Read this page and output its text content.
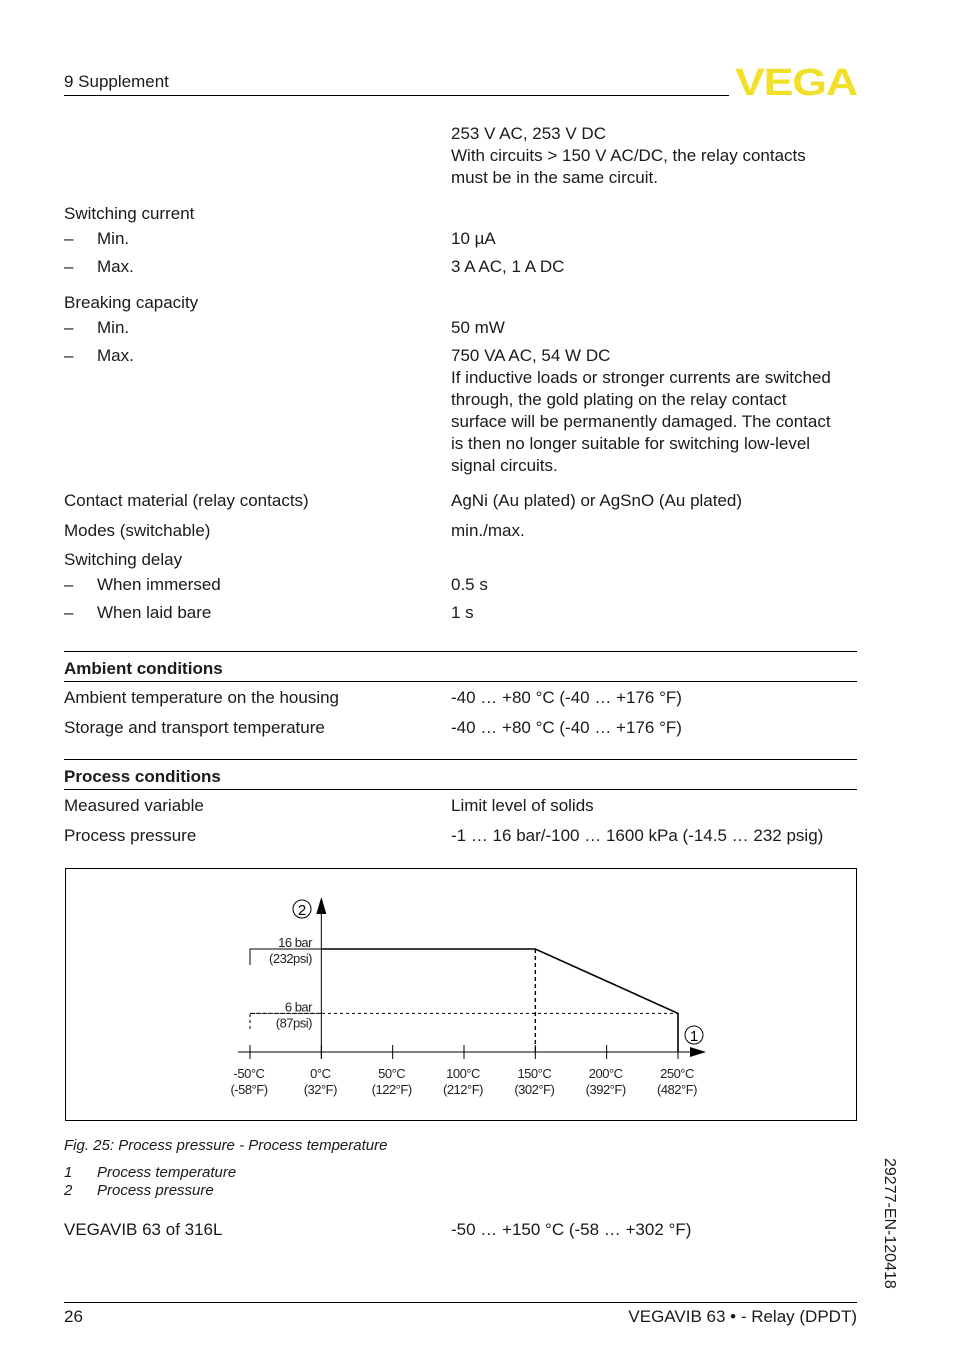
9 Supplement	VEGA
253 V AC, 253 V DC
With circuits > 150 V AC/DC, the relay contacts
must be in the same circuit.
Switching current
–	Min.	10 µA
–	Max.	3 A AC, 1 A DC
Breaking capacity
–	Min.	50 mW
–	Max.	750 VA AC, 54 W DC
If inductive loads or stronger currents are switched
through, the gold plating on the relay contact
surface will be permanently damaged. The contact
is then no longer suitable for switching low-level
signal circuits.
Contact material (relay contacts)	AgNi (Au plated) or AgSnO (Au plated)
Modes (switchable)	min./max.
Switching delay
–	When immersed	0.5 s
–	When laid bare	1 s
Ambient conditions
Ambient temperature on the housing	-40 … +80 °C (-40 … +176 °F)
Storage and transport temperature	-40 … +80 °C (-40 … +176 °F)
Process conditions
Measured variable	Limit level of solids
Process pressure	-1 … 16 bar/-100 … 1600 kPa (-14.5 … 232 psig)
2
1
-50°C
(-58°F)
0°C
(32°F)
50°C
(122°F)
100°C
(212°F)
150°C
(302°F)
200°C
(392°F)
250°C
(482°F)
16 bar
(232psi)
6 bar
(87psi)
Fig. 25: Process pressure - Process temperature
1 Process temperature
2 Process pressure
VEGAVIB 63 of 316L	-50 … +150 °C (-58 … +302 °F)	29277-EN-120418
26	VEGAVIB 63 • - Relay (DPDT)
